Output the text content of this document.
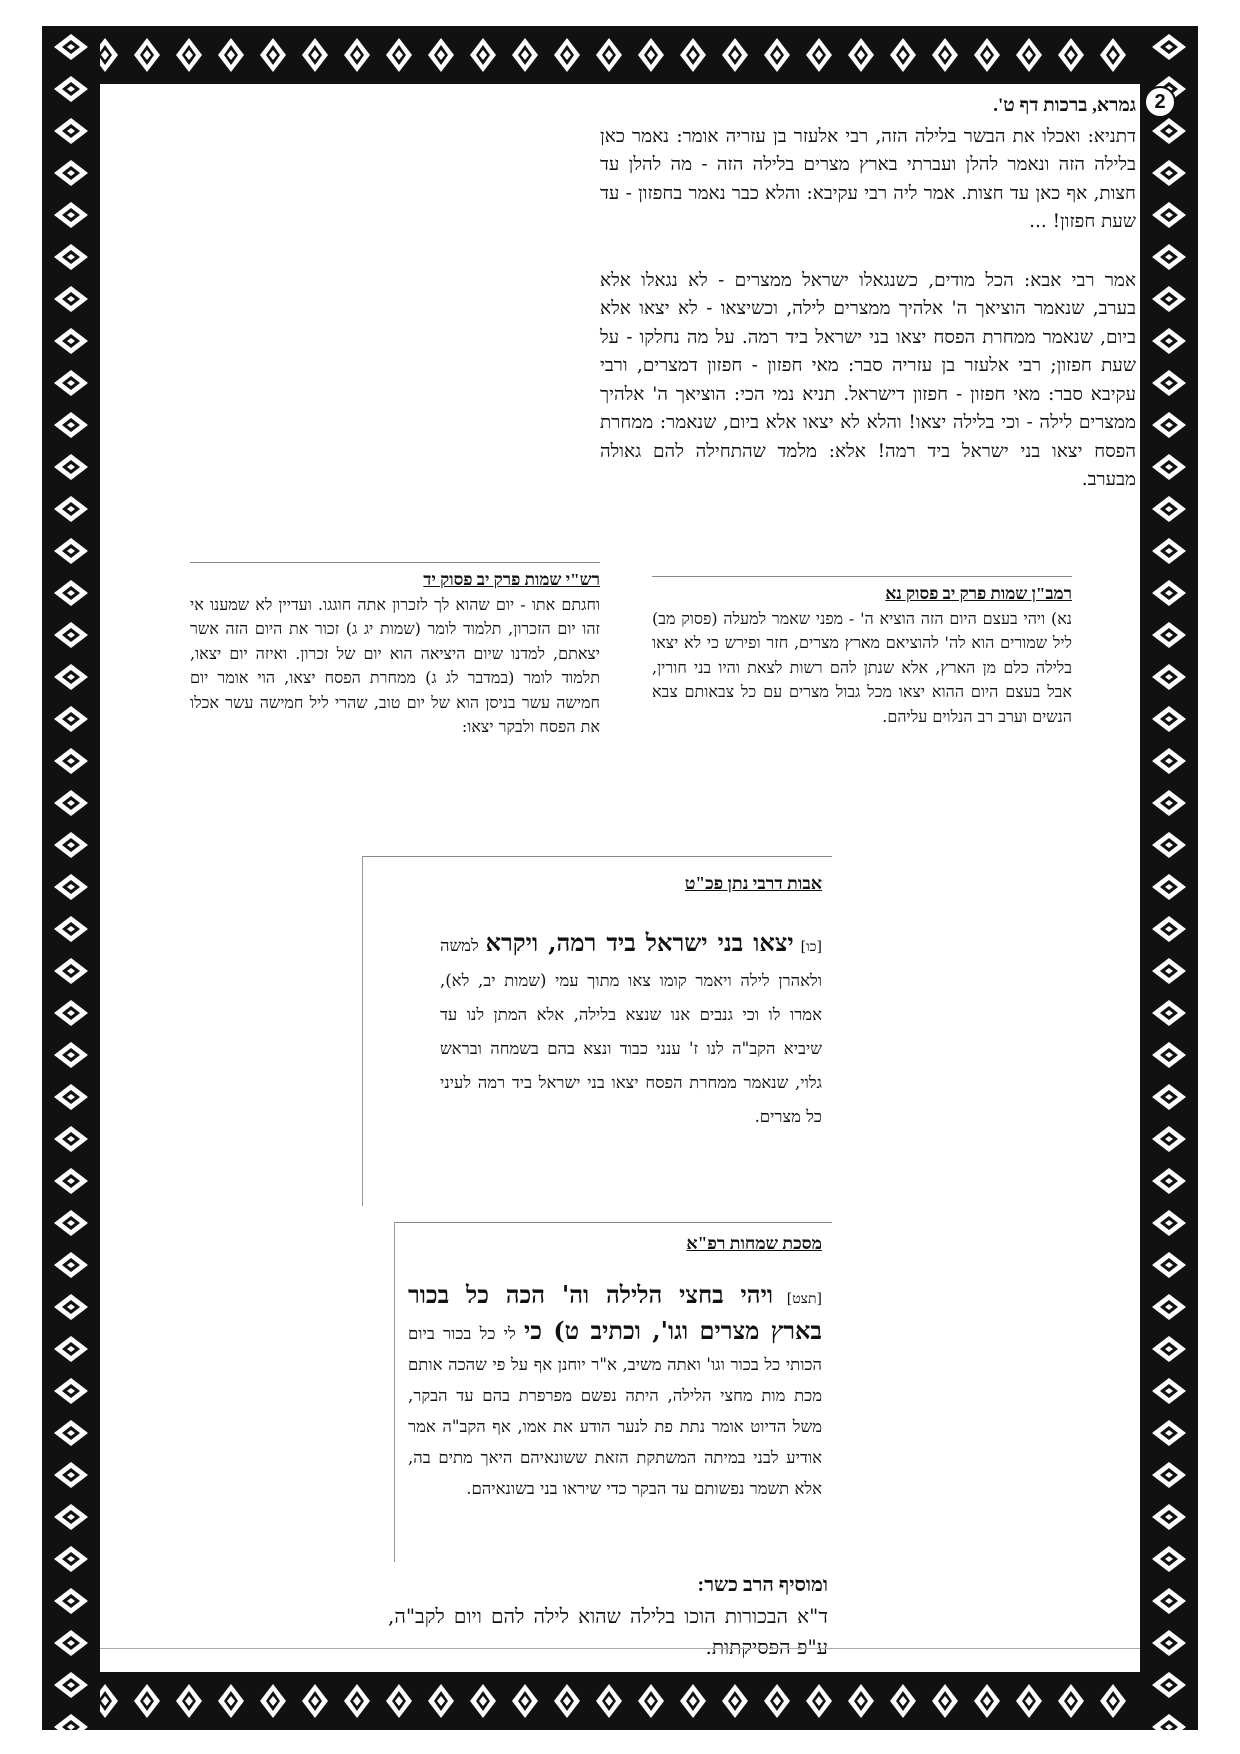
2
גמרא, ברכות דף ט'.

דתניא: ואכלו את הבשר בלילה הזה, רבי אלעזר בן עזריה אומר: נאמר כאן בלילה הזה ונאמר להלן ועברתי בארץ מצרים בלילה הזה - מה להלן עד חצות, אף כאן עד חצות. אמר ליה רבי עקיבא: והלא כבר נאמר בחפזון - עד שעת חפזון! ...

אמר רבי אבא: הכל מודים, כשנגאלו ישראל ממצרים - לא נגאלו אלא בערב, שנאמר הוציאך ה' אלהיך ממצרים לילה, וכשיצאו - לא יצאו אלא ביום, שנאמר ממחרת הפסח יצאו בני ישראל ביד רמה. על מה נחלקו - על שעת חפזון; רבי אלעזר בן עזריה סבר: מאי חפזון - חפזון דמצרים, ורבי עקיבא סבר: מאי חפזון - חפזון דישראל. תניא נמי הכי: הוציאך ה' אלהיך ממצרים לילה - וכי בלילה יצאו! והלא לא יצאו אלא ביום, שנאמר: ממחרת הפסח יצאו בני ישראל ביד רמה! אלא: מלמד שהתחילה להם גאולה מבערב.

רש"י שמות פרק יב פסוק יד

וחגתם אתו - יום שהוא לך לזכרון אתה חוגגו. ועדיין לא שמענו אי זהו יום הזכרון, תלמוד לומר (שמות יג ג) זכור את היום הזה אשר יצאתם, למדנו שיום היציאה הוא יום של זכרון. ואיזה יום יצאו, תלמוד לומר (במדבר לג ג) ממחרת הפסח יצאו, הוי אומר יום חמישה עשר בניסן הוא של יום טוב, שהרי ליל חמישה עשר אכלו את הפסח ולבקר יצאו:

רמב"ן שמות פרק יב פסוק נא

נא) ויהי בעצם היום הזה הוציא ה' - מפני שאמר למעלה (פסוק מב) ליל שמורים הוא לה' להוציאם מארץ מצרים, חזר ופירש כי לא יצאו בלילה כלם מן הארץ, אלא שנתן להם רשות לצאת והיו בני חורין, אבל בעצם היום ההוא יצאו מכל גבול מצרים עם כל צבאותם צבא הנשים וערב רב הנלוים עליהם.

אבות דרבי נתן פכ"ט

[כו] יצאו בני ישראל ביד רמה, ויקרא למשה ולאהרן לילה ויאמר קומו צאו מתוך עמי (שמות יב, לא), אמרו לו וכי גנבים אנו שנצא בלילה, אלא המתן לנו עד שיביא הקב"ה לנו ז' ענני כבוד ונצא בהם בשמחה ובראש גלוי, שנאמר ממחרת הפסח יצאו בני ישראל ביד רמה לעיני כל מצרים.

מסכת שמחות רפ"א

[תצט] ויהי בחצי הלילה וה' הכה כל בכור בארץ מצרים וגו', וכתיב ט) כי לי כל בכור ביום הכותי כל בכור וגו' ואתה משיב, א"ר יוחנן אף על פי שהכה אותם מכת מות מחצי הלילה, היתה נפשם מפרפרת בהם עד הבקר, משל הדיוט אומר נתת פת לנער הודע את אמו, אף הקב"ה אמר אודיע לבני במיתה המשתקת הזאת ששונאיהם היאך מתים בה, אלא תשמר נפשותם עד הבקר כדי שיראו בני בשונאיהם.

ומוסיף הרב כשר:

ד"א הבכורות הוכו בלילה שהוא לילה להם ויום לקב"ה, ע"פ הפסיקתות.
